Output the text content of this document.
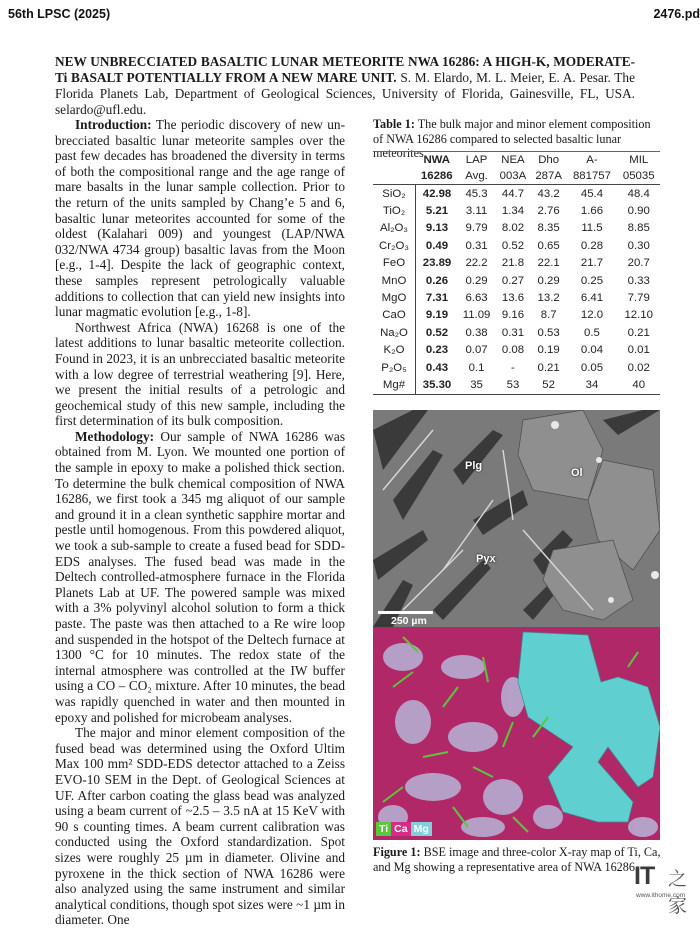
56th LPSC (2025)	2476.pd
NEW UNBRECCIATED BASALTIC LUNAR METEORITE NWA 16286: A HIGH-K, MODERATE-Ti BASALT POTENTIALLY FROM A NEW MARE UNIT. S. M. Elardo, M. L. Meier, E. A. Pesar. The Florida Planets Lab, Department of Geological Sciences, University of Florida, Gainesville, FL, USA. selardo@ufl.edu.

Introduction: The periodic discovery of new unbrecciated basaltic lunar meteorite samples over the past few decades has broadened the diversity in terms of both the compositional range and the age range of mare basalts in the lunar sample collection. Prior to the return of the units sampled by Chang’e 5 and 6, basaltic lunar meteorites accounted for some of the oldest (Kalahari 009) and youngest (LAP/NWA 032/NWA 4734 group) basaltic lavas from the Moon [e.g., 1-4]. Despite the lack of geographic context, these samples represent petrologically valuable additions to collection that can yield new insights into lunar magmatic evolution [e.g., 1-8].

Northwest Africa (NWA) 16268 is one of the latest additions to lunar basaltic meteorite collection. Found in 2023, it is an unbrecciated basaltic meteorite with a low degree of terrestrial weathering [9]. Here, we present the initial results of a petrologic and geochemical study of this new sample, including the first determination of its bulk composition.

Methodology: Our sample of NWA 16286 was obtained from M. Lyon. We mounted one portion of the sample in epoxy to make a polished thick section. To determine the bulk chemical composition of NWA 16286, we first took a 345 mg aliquot of our sample and ground it in a clean synthetic sapphire mortar and pestle until homogenous. From this powdered aliquot, we took a sub-sample to create a fused bead for SDD-EDS analyses. The fused bead was made in the Deltech controlled-atmosphere furnace in the Florida Planets Lab at UF. The powered sample was mixed with a 3% polyvinyl alcohol solution to form a thick paste. The paste was then attached to a Re wire loop and suspended in the hotspot of the Deltech furnace at 1300 °C for 10 minutes. The redox state of the internal atmosphere was controlled at the IW buffer using a CO – CO₂ mixture. After 10 minutes, the bead was rapidly quenched in water and then mounted in epoxy and polished for microbeam analyses.

The major and minor element composition of the fused bead was determined using the Oxford Ultim Max 100 mm² SDD-EDS detector attached to a Zeiss EVO-10 SEM in the Dept. of Geological Sciences at UF. After carbon coating the glass bead was analyzed using a beam current of ~2.5 – 3.5 nA at 15 KeV with 90 s counting times. A beam current calibration was conducted using the Oxford standardization. Spot sizes were roughly 25 µm in diameter. Olivine and pyroxene in the thick section of NWA 16286 were also analyzed using the same instrument and similar analytical conditions, though spot sizes were ~1 µm in diameter. One

Table 1: The bulk major and minor element composition of NWA 16286 compared to selected basaltic lunar meteorites.

	NWA	LAP	NEA	Dho	A-	MIL
	16286	Avg.	003A	287A	881757	05035
SiO₂	42.98	45.3	44.7	43.2	45.4	48.4
TiO₂	5.21	3.11	1.34	2.76	1.66	0.90
Al₂O₃	9.13	9.79	8.02	8.35	11.5	8.85
Cr₂O₃	0.49	0.31	0.52	0.65	0.28	0.30
FeO	23.89	22.2	21.8	22.1	21.7	20.7
MnO	0.26	0.29	0.27	0.29	0.25	0.33
MgO	7.31	6.63	13.6	13.2	6.41	7.79
CaO	9.19	11.09	9.16	8.7	12.0	12.10
Na₂O	0.52	0.38	0.31	0.53	0.5	0.21
K₂O	0.23	0.07	0.08	0.19	0.04	0.01
P₂O₅	0.43	0.1	-	0.21	0.05	0.02
Mg#	35.30	35	53	52	34	40
Plg
Ol
Pyx
250 µm
Ti Ca Mg

Figure 1: BSE image and three-color X-ray map of Ti, Ca, and Mg showing a representative area of NWA 16286.

IT 之家
www.ithome.com
